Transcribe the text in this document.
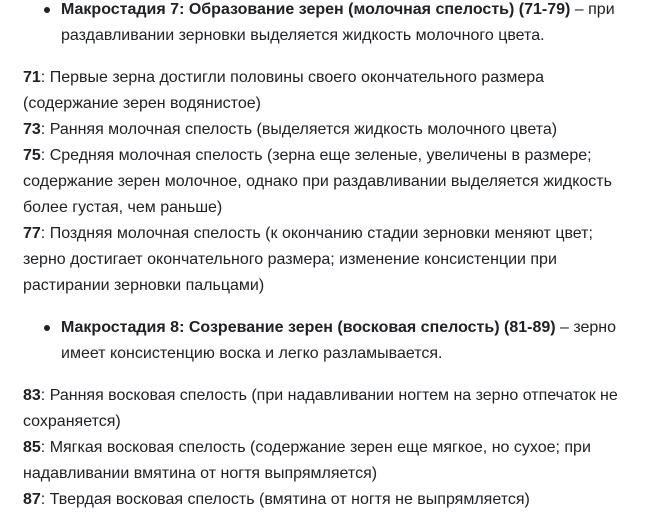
Макростадия 7: Образование зерен (молочная спелость) (71-79) – при раздавливании зерновки выделяется жидкость молочного цвета.

71: Первые зерна достигли половины своего окончательного размера (содержание зерен водянистое)

73: Ранняя молочная спелость (выделяется жидкость молочного цвета)

75: Средняя молочная спелость (зерна еще зеленые, увеличены в размере; содержание зерен молочное, однако при раздавливании выделяется жидкость более густая, чем раньше)

77: Поздняя молочная спелость (к окончанию стадии зерновки меняют цвет; зерно достигает окончательного размера; изменение консистенции при растирании зерновки пальцами)

Макростадия 8: Созревание зерен (восковая спелость) (81-89) – зерно имеет консистенцию воска и легко разламывается.

83: Ранняя восковая спелость (при надавливании ногтем на зерно отпечаток не сохраняется)

85: Мягкая восковая спелость (содержание зерен еще мягкое, но сухое; при надавливании вмятина от ногтя выпрямляется)

87: Твердая восковая спелость (вмятина от ногтя не выпрямляется)
